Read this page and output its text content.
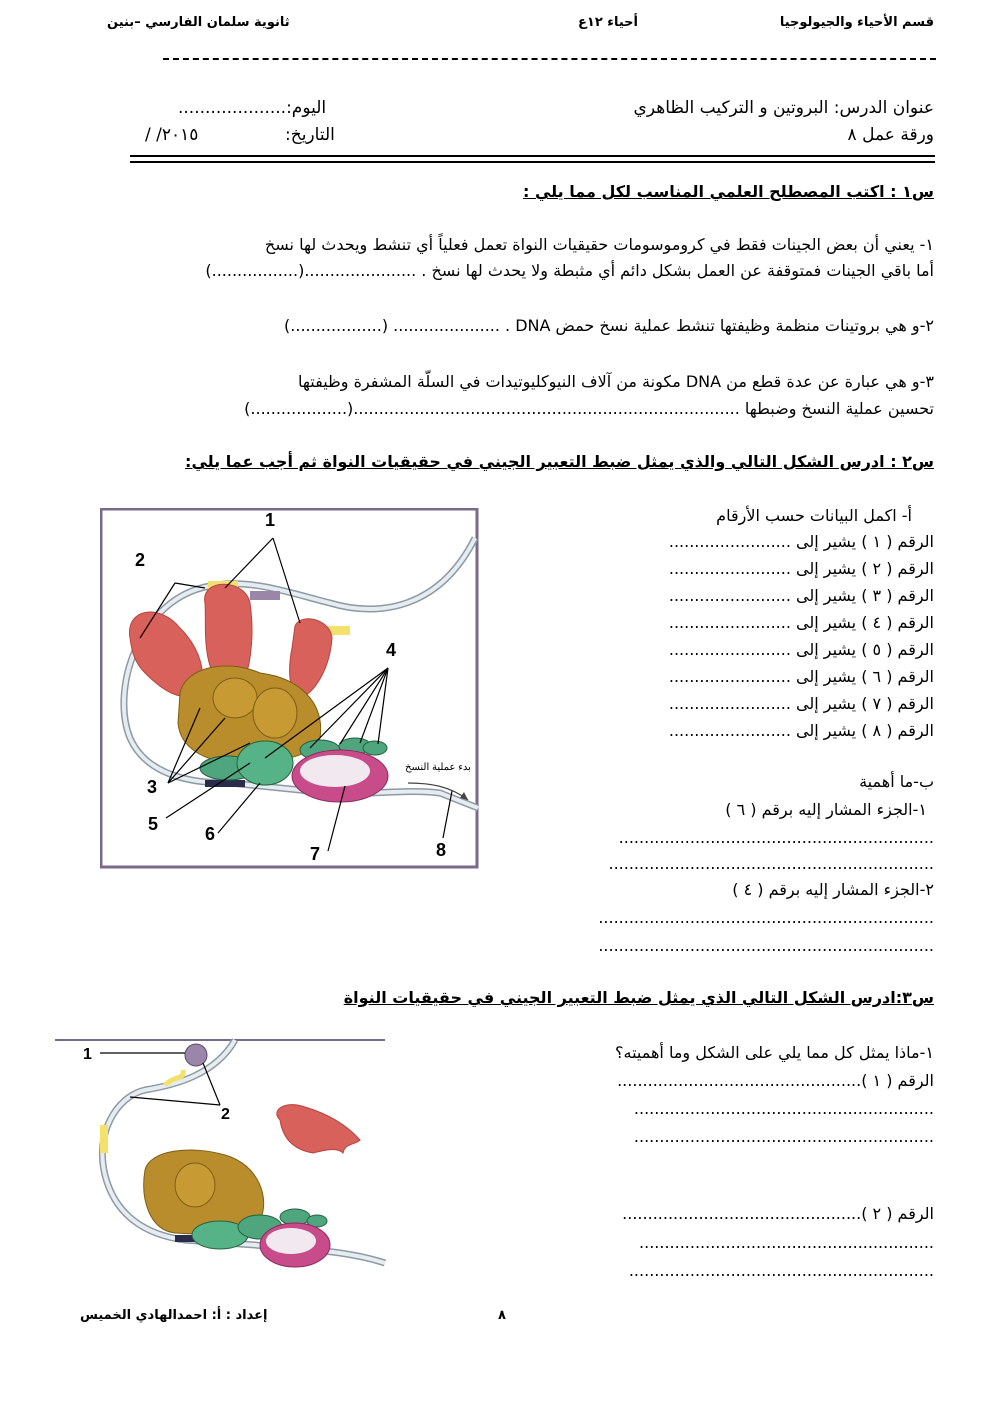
قسم الأحياء والجيولوجيا
أحياء ١٢ع
ثانوية سلمان الفارسي –بنين
عنوان الدرس: البروتين و التركيب الظاهري
اليوم:....................
ورقة عمل ٨
التاريخ:
/ /٢٠١٥
س١ : اكتب المصطلح العلمي المناسب لكل مما يلي :
١- يعني أن بعض الجينات فقط في كروموسومات حقيقيات النواة تعمل فعلياً أي تنشط ويحدث لها نسخ
أما باقي الجينات فمتوقفة عن العمل بشكل دائم أي مثبطة ولا يحدث لها نسخ . ......................(.................)
٢-و هي بروتينات منظمة وظيفتها تنشط عملية نسخ حمض DNA . ..................... (..................)
٣-و هي عبارة عن عدة قطع من DNA مكونة من آلاف النيوكليوتيدات في السلّة المشفرة وظيفتها
تحسين عملية النسخ وضبطها ............................................................................(...................)
س٢ : ادرس الشكل التالي والذي يمثل ضبط التعبير الجيني في حقيقيات النواة ثم أجب عما يلي:
بدء عملية النسخ
1
2
3
4
5	6
7	8
أ- اكمل البيانات حسب الأرقام
الرقم ( ١ ) يشير إلى ........................
الرقم ( ٢ ) يشير إلى ........................
الرقم ( ٣ ) يشير إلى ........................
الرقم ( ٤ ) يشير إلى ........................
الرقم ( ٥ ) يشير إلى ........................
الرقم ( ٦ ) يشير إلى ........................
الرقم ( ٧ ) يشير إلى ........................
الرقم ( ٨ ) يشير إلى ........................
ب-ما أهمية
١-الجزء المشار إليه برقم ( ٦ )
..............................................................
................................................................
٢-الجزء المشار إليه برقم ( ٤ )
..................................................................
..................................................................
س٣:ادرس الشكل التالي الذي يمثل ضبط التعبير الجيني في حقيقيات النواة
1
2
١-ماذا يمثل كل مما يلي على الشكل وما أهميته؟
الرقم ( ١ )................................................
...........................................................
...........................................................
الرقم ( ٢ )...............................................
..........................................................
............................................................
٨
إعداد : أ: احمدالهادي الخميس
